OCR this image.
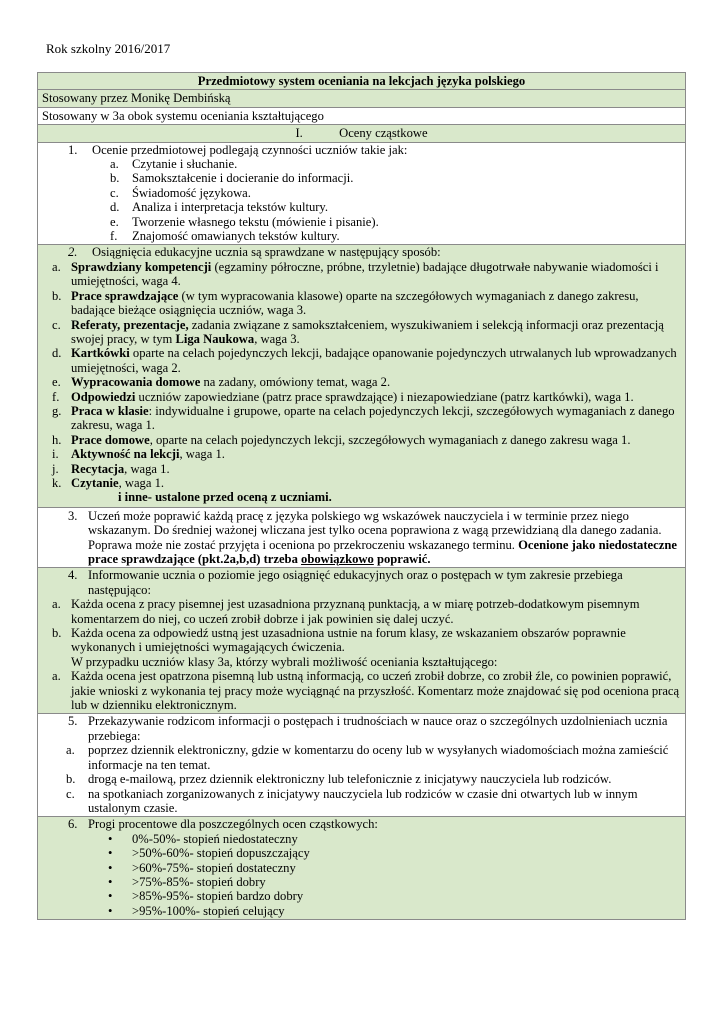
Rok szkolny 2016/2017
Przedmiotowy system oceniania na lekcjach języka polskiego
Stosowany przez Monikę Dembińską
Stosowany w 3a obok systemu oceniania kształtującego
I.	Oceny cząstkowe
1. Ocenie przedmiotowej podlegają czynności uczniów takie jak:
a.	Czytanie i słuchanie.
b. Samokształcenie i docieranie do informacji.
c.	Świadomość językowa.
d. Analiza i interpretacja tekstów kultury.
e.	Tworzenie własnego tekstu (mówienie i pisanie).
f.	Znajomość omawianych tekstów kultury.
2. Osiągnięcia edukacyjne ucznia są sprawdzane w następujący sposób:
a. Sprawdziany kompetencji (egzaminy półroczne, próbne, trzyletnie) badające długotrwałe nabywanie wiadomości i umiejętności, waga 4.
b. Prace sprawdzające (w tym wypracowania klasowe) oparte na szczegółowych wymaganiach z danego zakresu, badające bieżące osiągnięcia uczniów, waga 3.
c. Referaty, prezentacje, zadania związane z samokształceniem, wyszukiwaniem i selekcją informacji oraz prezentacją swojej pracy, w tym Liga Naukowa, waga 3.
d. Kartkówki oparte na celach pojedynczych lekcji, badające opanowanie pojedynczych utrwalanych lub wprowadzanych umiejętności, waga 2.
e. Wypracowania domowe na zadany, omówiony temat, waga 2.
f. Odpowiedzi uczniów zapowiedziane (patrz prace sprawdzające) i niezapowiedziane (patrz kartkówki), waga 1.
g. Praca w klasie: indywidualne i grupowe, oparte na celach pojedynczych lekcji, szczegółowych wymaganiach z danego zakresu, waga 1.
h. Prace domowe, oparte na celach pojedynczych lekcji, szczegółowych wymaganiach z danego zakresu waga 1.
i. Aktywność na lekcji, waga 1.
j. Recytacja, waga 1.
k. Czytanie, waga 1.
i inne- ustalone przed oceną z uczniami.
3. Uczeń może poprawić każdą pracę z języka polskiego wg wskazówek nauczyciela i w terminie przez niego wskazanym. Do średniej ważonej wliczana jest tylko ocena poprawiona z wagą przewidzianą dla danego zadania. Poprawa może nie zostać przyjęta i oceniona po przekroczeniu wskazanego terminu. Ocenione jako niedostateczne prace sprawdzające (pkt.2a,b,d) trzeba obowiązkowo poprawić.
4. Informowanie ucznia o poziomie jego osiągnięć edukacyjnych oraz o postępach w tym zakresie przebiega następująco:
a. Każda ocena z pracy pisemnej jest uzasadniona przyznaną punktacją, a w miarę potrzeb-dodatkowym pisemnym komentarzem do niej, co uczeń zrobił dobrze i jak powinien się dalej uczyć.
b. Każda ocena za odpowiedź ustną jest uzasadniona ustnie na forum klasy, ze wskazaniem obszarów poprawnie wykonanych i umiejętności wymagających ćwiczenia.
W przypadku uczniów klasy 3a, którzy wybrali możliwość oceniania kształtującego:
a. Każda ocena jest opatrzona pisemną lub ustną informacją, co uczeń zrobił dobrze, co zrobił źle, co powinien poprawić, jakie wnioski z wykonania tej pracy może wyciągnąć na przyszłość. Komentarz może znajdować się pod oceniona pracą lub w dzienniku elektronicznym.
5. Przekazywanie rodzicom informacji o postępach i trudnościach w nauce oraz o szczególnych uzdolnieniach ucznia przebiega:
a.	poprzez dziennik elektroniczny, gdzie w komentarzu do oceny lub w wysyłanych wiadomościach można zamieścić informacje na ten temat.
b. drogą e-mailową, przez dziennik elektroniczny lub telefonicznie z inicjatywy nauczyciela lub rodziców.
c.	na spotkaniach zorganizowanych z inicjatywy nauczyciela lub rodziców w czasie dni otwartych lub w innym ustalonym czasie.
6. Progi procentowe dla poszczególnych ocen cząstkowych:
•	0%-50%- stopień niedostateczny
•	>50%-60%- stopień dopuszczający
•	>60%-75%- stopień dostateczny
•	>75%-85%- stopień dobry
•	>85%-95%- stopień bardzo dobry
•	>95%-100%- stopień celujący
